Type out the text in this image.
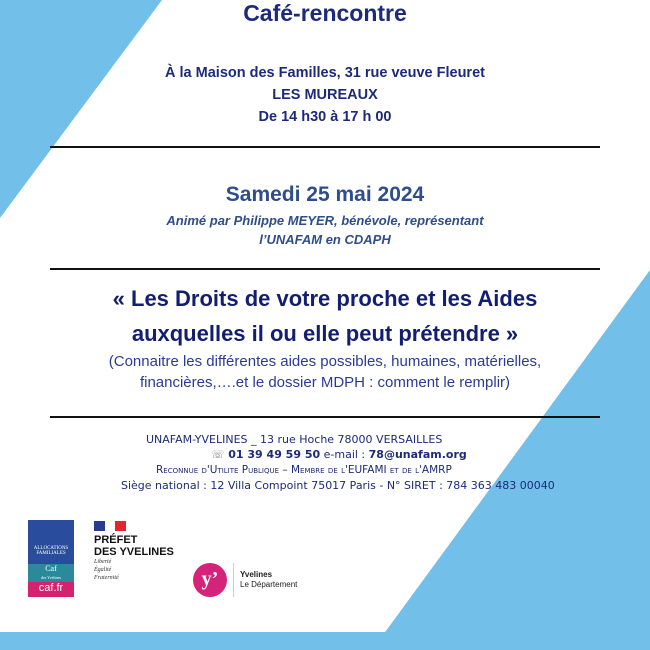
Café-rencontre
À la Maison des Familles, 31 rue veuve Fleuret
LES MUREAUX
De 14 h30 à 17 h 00
Samedi 25 mai 2024
Animé par Philippe MEYER, bénévole, représentant
l’UNAFAM en CDAPH
« Les Droits de votre proche et les Aides
auxquelles il ou elle peut prétendre »
(Connaitre les différentes aides possibles, humaines, matérielles,
financières,….et le dossier MDPH : comment le remplir)
UNAFAM-YVELINES _ 13 rue Hoche 78000 VERSAILLES
☏ 01 39 49 59 50 e-mail : 78@unafam.org
Reconnue d'Utilite Publique – Membre de l'EUFAMI et de l'AMRP
Siège national : 12 Villa Compoint 75017 Paris - N° SIRET : 784 363 483 00040
ALLOCATIONS FAMILIALES
Caf
des Yvelines
caf.fr
PRÉFET
DES YVELINES
Liberté
Égalité
Fraternité	y’	Yvelines
Le Département
